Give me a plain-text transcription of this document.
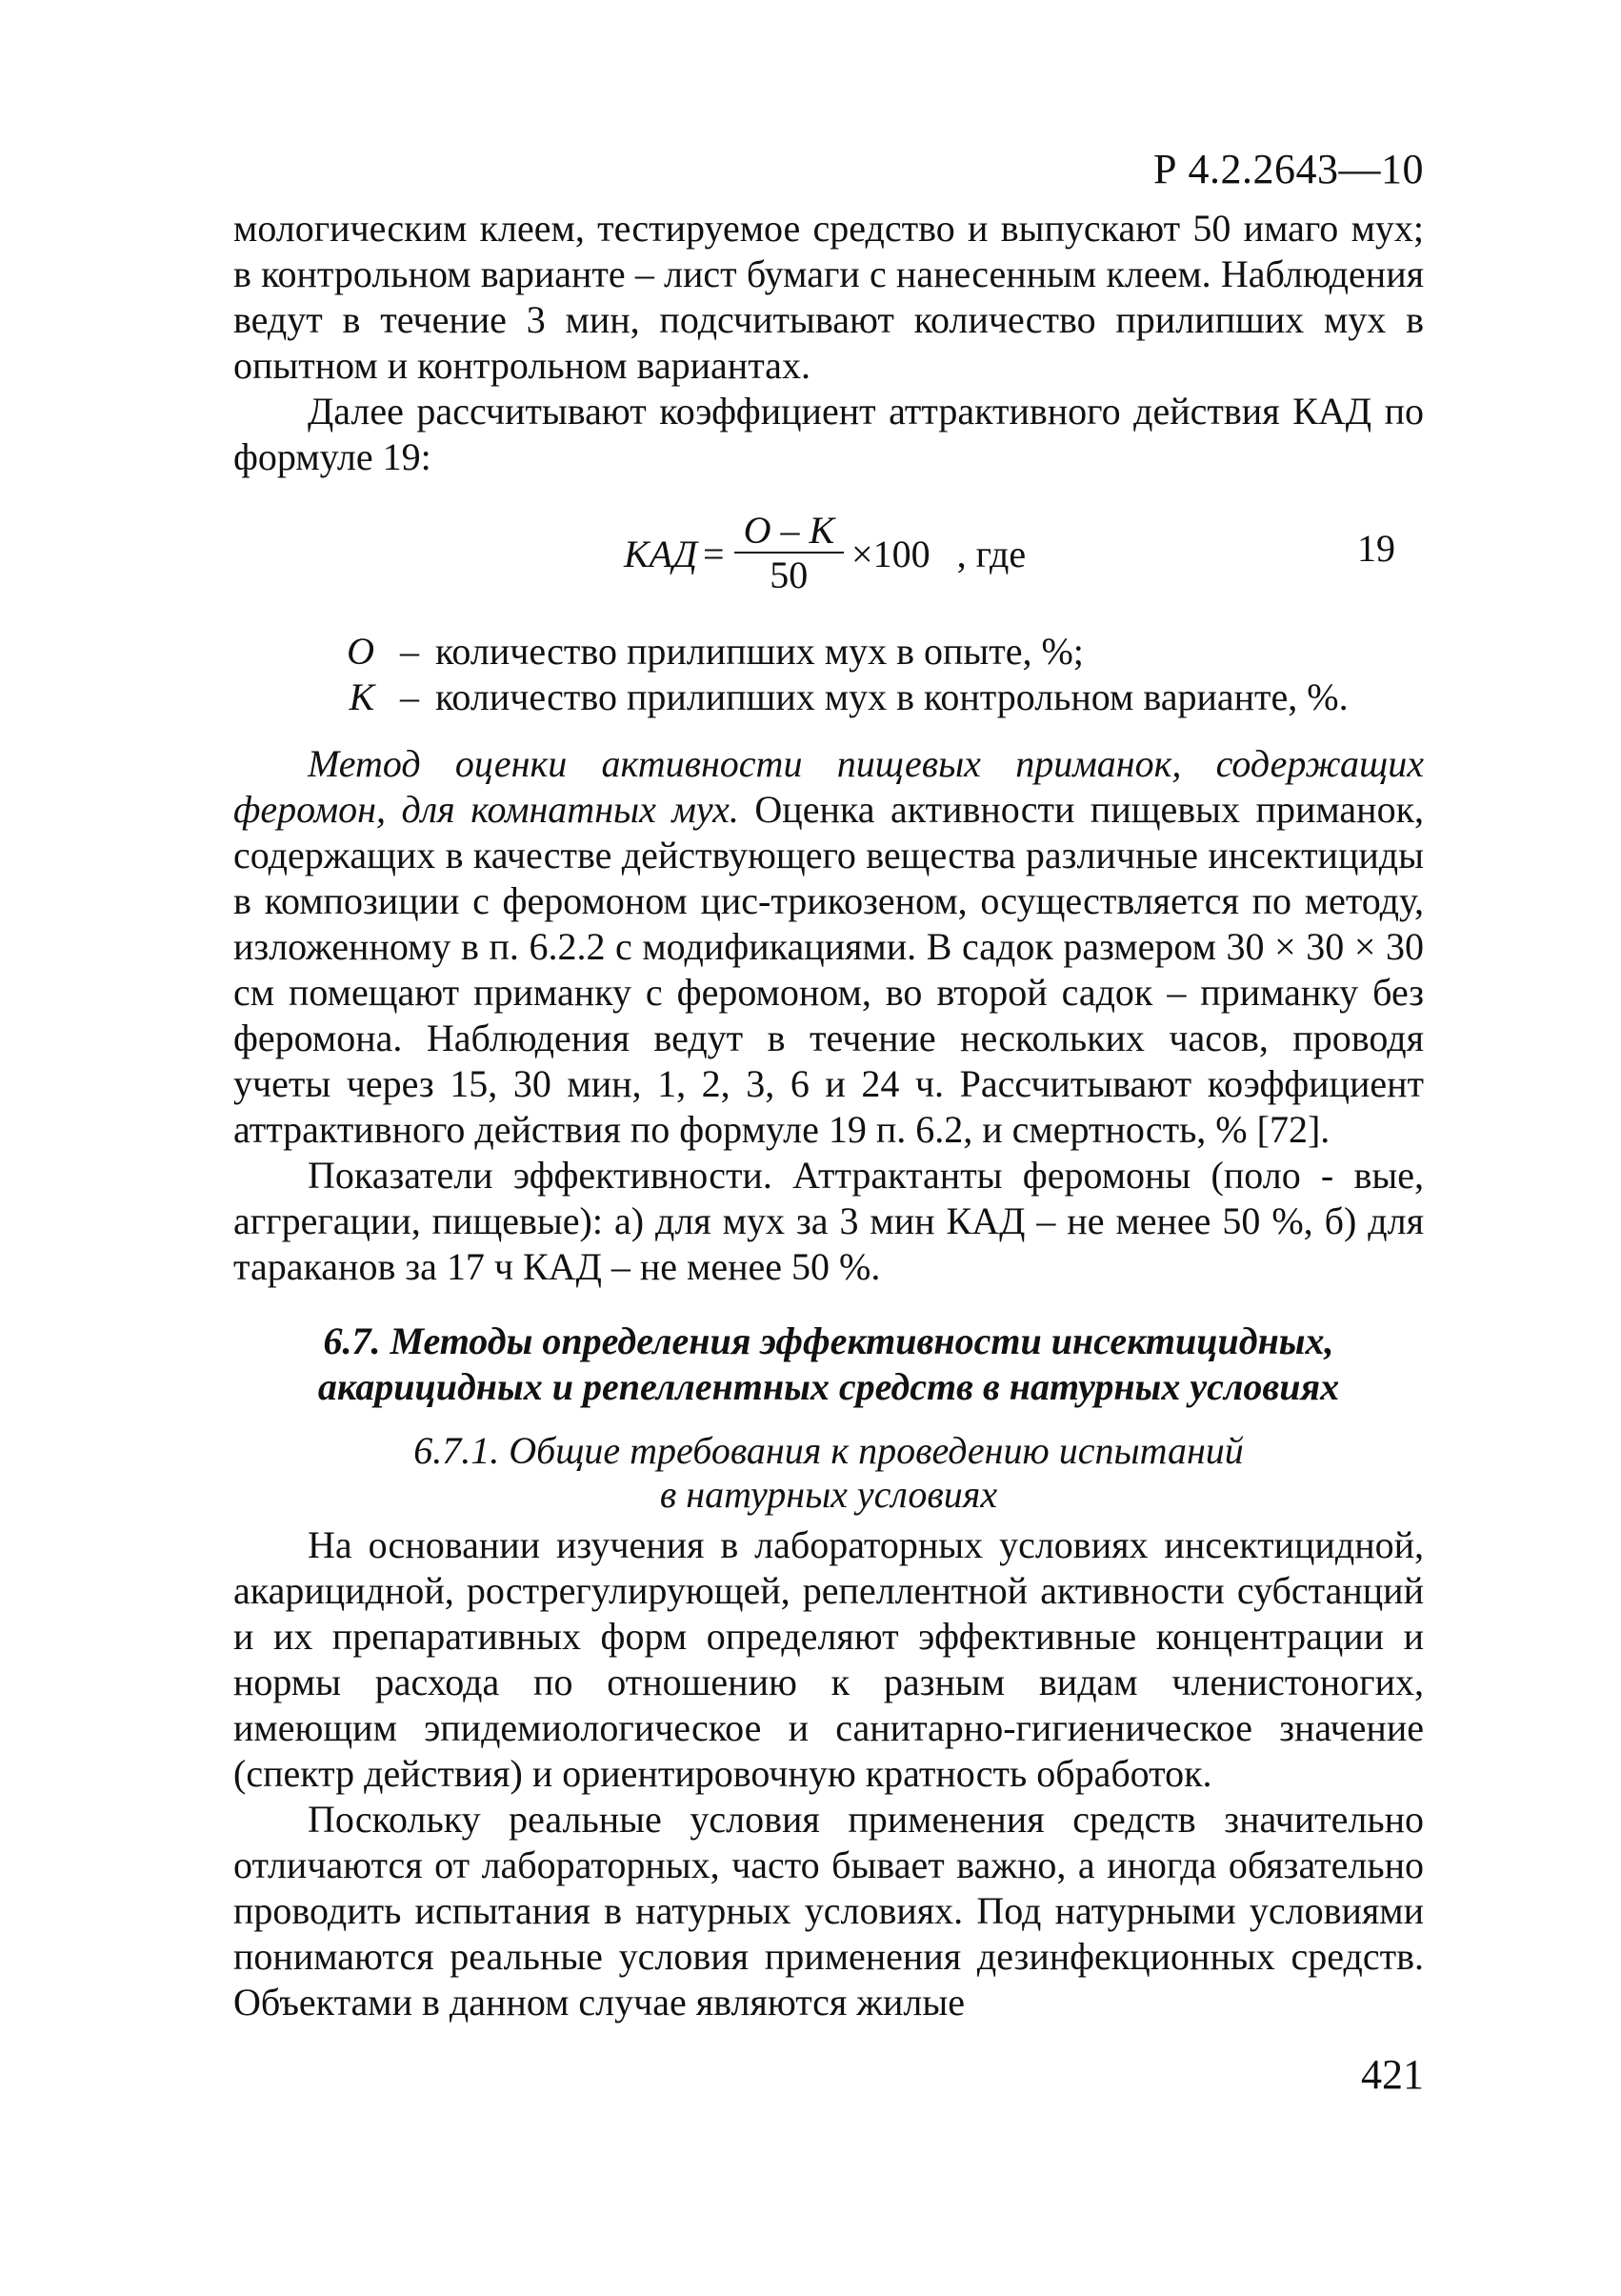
Р 4.2.2643—10

мологическим клеем, тестируемое средство и выпускают 50 имаго мух; в контрольном варианте – лист бумаги с нанесенным клеем. Наблюдения ведут в течение 3 мин, подсчитывают количество прилипших мух в опытном и контрольном вариантах.

Далее рассчитывают коэффициент аттрактивного действия КАД по формуле 19:

КАД = $\frac{О - К}{50} \times 100$ , где	19
О – количество прилипших мух в опыте, %;
К – количество прилипших мух в контрольном варианте, %.

Метод оценки активности пищевых приманок, содержащих феромон, для комнатных мух. Оценка активности пищевых приманок, содержащих в качестве действующего вещества различные инсектициды в композиции с феромоном цис-трикозеном, осуществляется по методу, изложенному в п. 6.2.2 с модификациями. В садок размером 30 × 30 × 30 см помещают приманку с феромоном, во второй садок – приманку без феромона. Наблюдения ведут в течение нескольких часов, проводя учеты через 15, 30 мин, 1, 2, 3, 6 и 24 ч. Рассчитывают коэффициент аттрактивного действия по формуле 19 п. 6.2, и смертность, % [72].

Показатели эффективности. Аттрактанты феромоны (поло - вые, аггрегации, пищевые): а) для мух за 3 мин КАД – не менее 50 %, б) для тараканов за 17 ч КАД – не менее 50 %.

6.7. Методы определения эффективности инсектицидных,
акарицидных и репеллентных средств в натурных условиях
6.7.1. Общие требования к проведению испытаний
в натурных условиях

На основании изучения в лабораторных условиях инсектицидной, акарицидной, рострегулирующей, репеллентной активности субстанций и их препаративных форм определяют эффективные концентрации и нормы расхода по отношению к разным видам членистоногих, имеющим эпидемиологическое и санитарно-гигиеническое значение (спектр действия) и ориентировочную кратность обработок.

Поскольку реальные условия применения средств значительно отличаются от лабораторных, часто бывает важно, а иногда обязательно проводить испытания в натурных условиях. Под натурными условиями понимаются реальные условия применения дезинфекционных средств. Объектами в данном случае являются жилые

421
